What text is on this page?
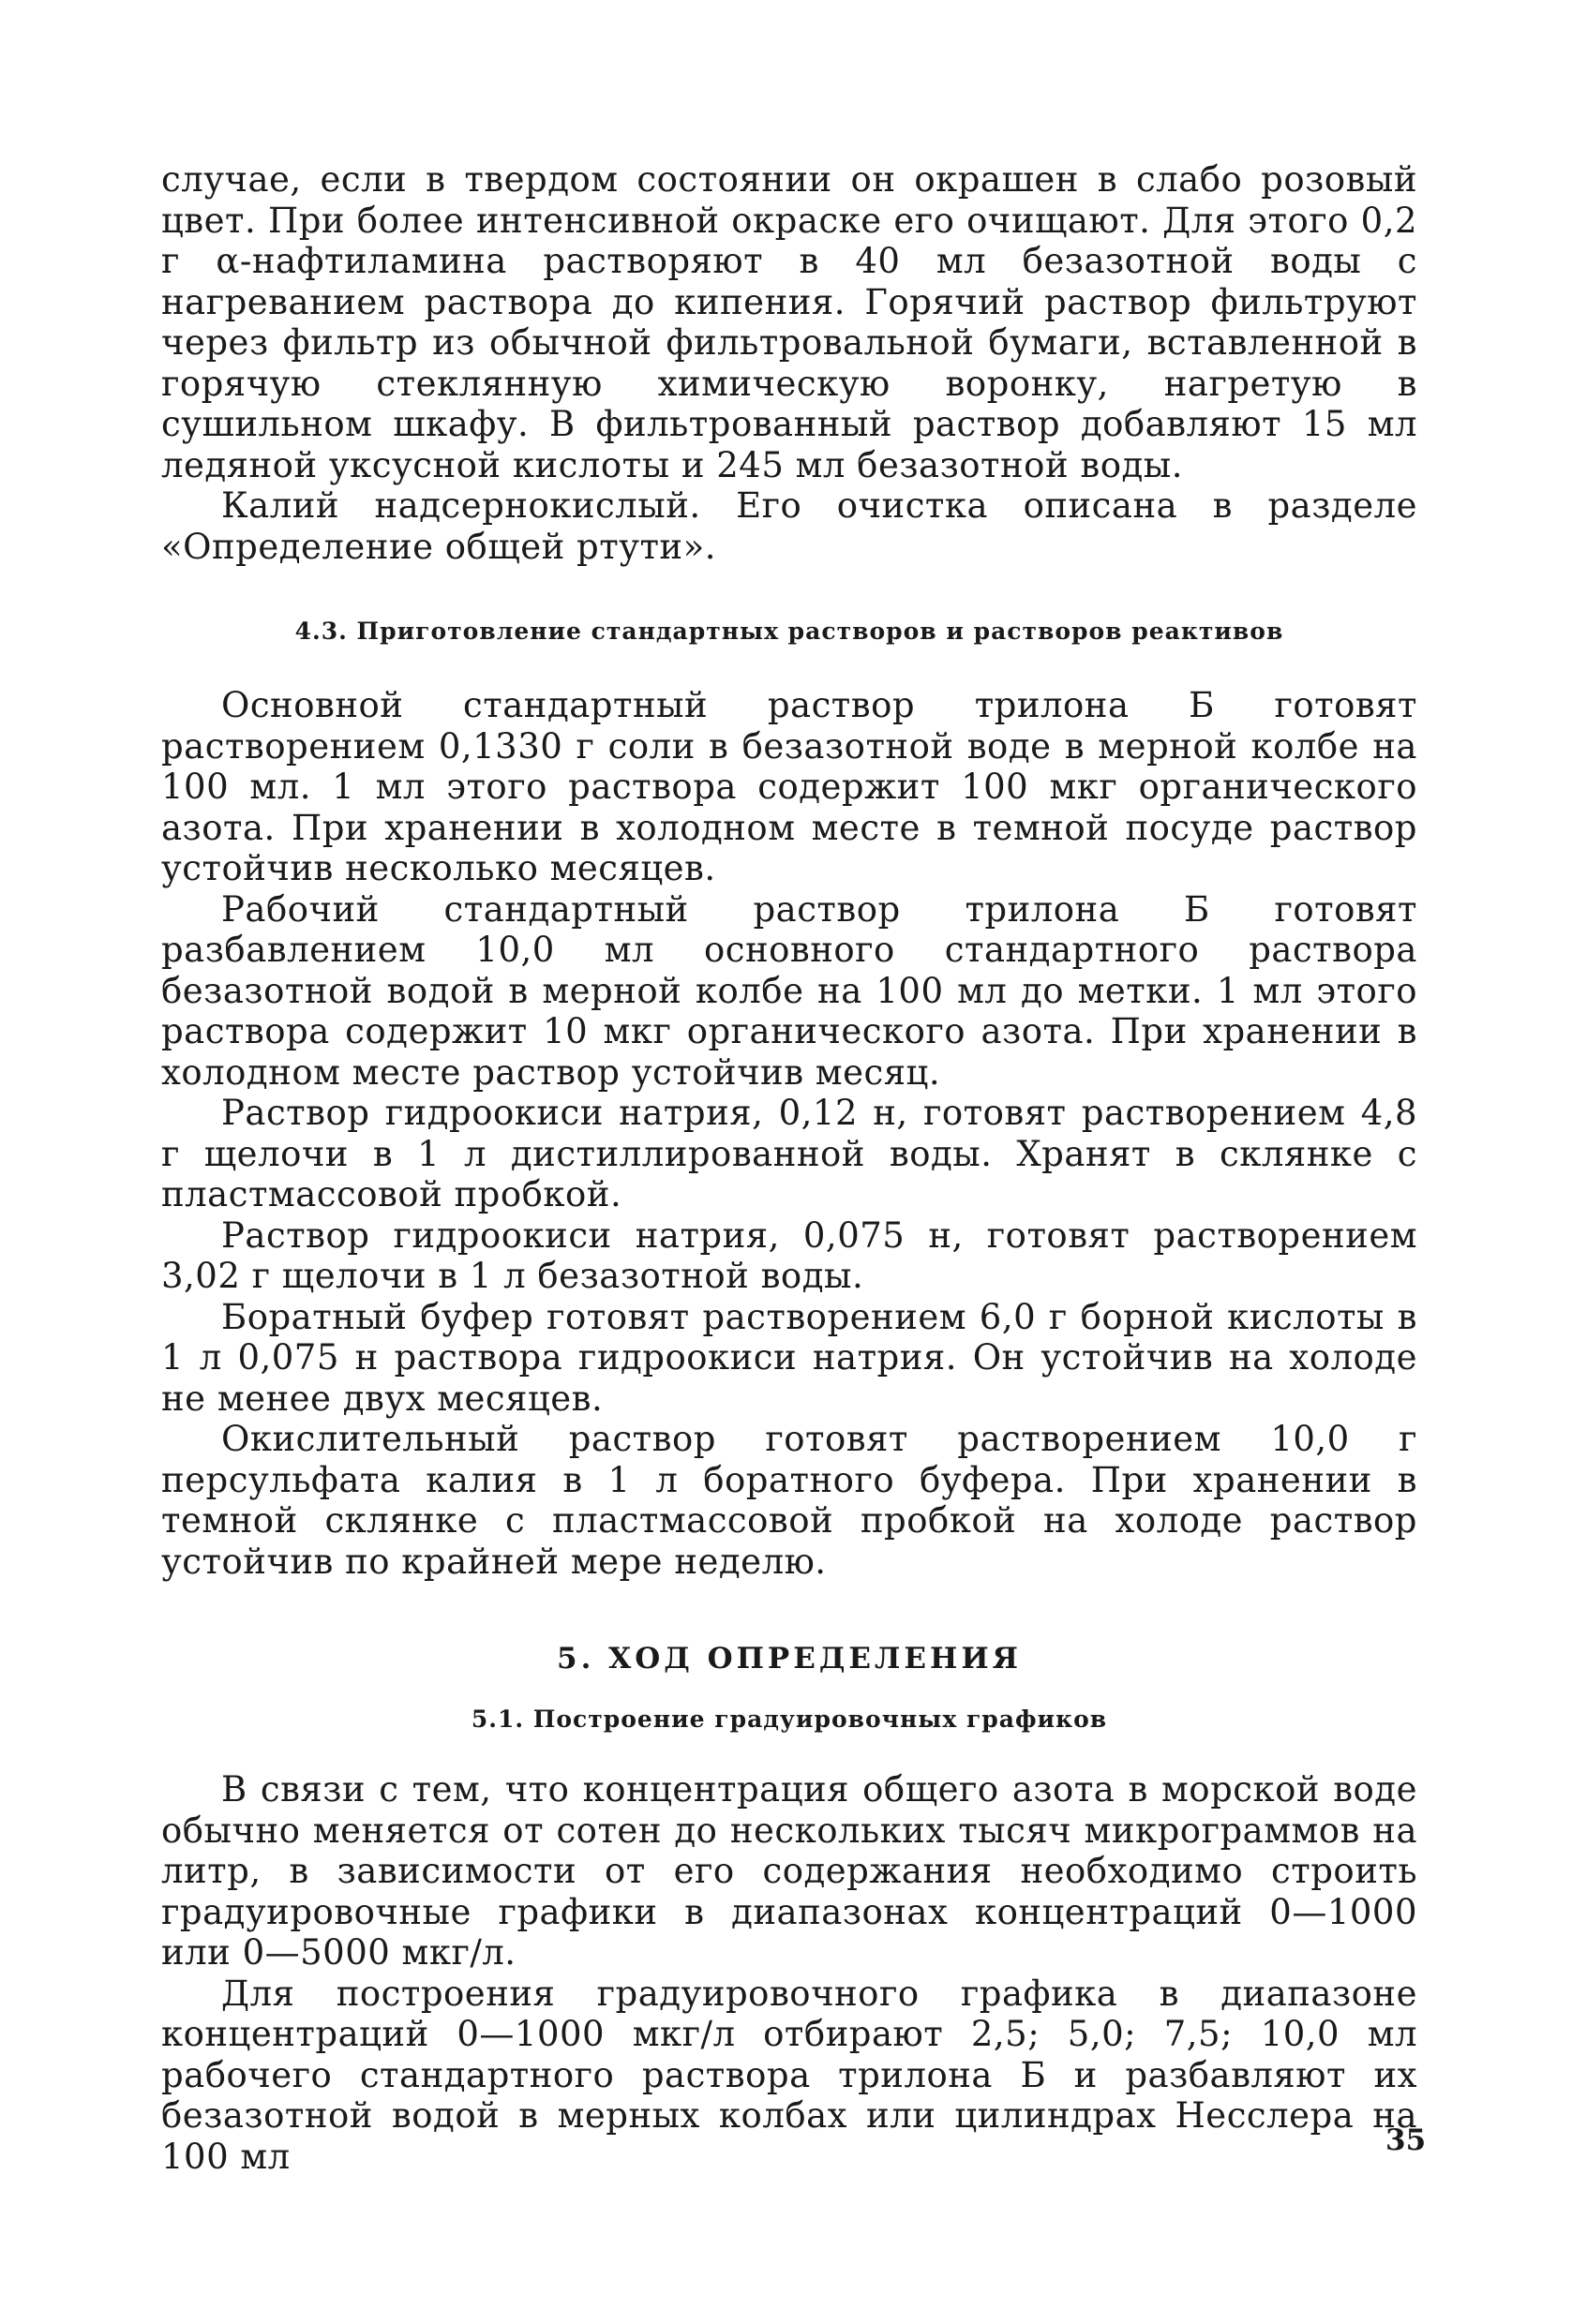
случае, если в твердом состоянии он окрашен в слабо розовый цвет. При более интенсивной окраске его очищают. Для этого 0,2 г α-нафтиламина растворяют в 40 мл безазотной воды с нагреванием раствора до кипения. Горячий раствор фильтруют через фильтр из обычной фильтровальной бумаги, вставленной в горячую стеклянную химическую воронку, нагретую в сушильном шкафу. В фильтрованный раствор добавляют 15 мл ледяной уксусной кислоты и 245 мл безазотной воды.

Калий надсернокислый. Его очистка описана в разделе «Определение общей ртути».

4.3. Приготовление стандартных растворов и растворов реактивов

Основной стандартный раствор трилона Б готовят растворением 0,1330 г соли в безазотной воде в мерной колбе на 100 мл. 1 мл этого раствора содержит 100 мкг органического азота. При хранении в холодном месте в темной посуде раствор устойчив несколько месяцев.

Рабочий стандартный раствор трилона Б готовят разбавлением 10,0 мл основного стандартного раствора безазотной водой в мерной колбе на 100 мл до метки. 1 мл этого раствора содержит 10 мкг органического азота. При хранении в холодном месте раствор устойчив месяц.

Раствор гидроокиси натрия, 0,12 н, готовят растворением 4,8 г щелочи в 1 л дистиллированной воды. Хранят в склянке с пластмассовой пробкой.

Раствор гидроокиси натрия, 0,075 н, готовят растворением 3,02 г щелочи в 1 л безазотной воды.

Боратный буфер готовят растворением 6,0 г борной кислоты в 1 л 0,075 н раствора гидроокиси натрия. Он устойчив на холоде не менее двух месяцев.

Окислительный раствор готовят растворением 10,0 г персульфата калия в 1 л боратного буфера. При хранении в темной склянке с пластмассовой пробкой на холоде раствор устойчив по крайней мере неделю.

5. ХОД ОПРЕДЕЛЕНИЯ
5.1. Построение градуировочных графиков

В связи с тем, что концентрация общего азота в морской воде обычно меняется от сотен до нескольких тысяч микрограммов на литр, в зависимости от его содержания необходимо строить градуировочные графики в диапазонах концентраций 0—1000 или 0—5000 мкг/л.

Для построения градуировочного графика в диапазоне концентраций 0—1000 мкг/л отбирают 2,5; 5,0; 7,5; 10,0 мл рабочего стандартного раствора трилона Б и разбавляют их безазотной водой в мерных колбах или цилиндрах Несслера на 100 мл	35
